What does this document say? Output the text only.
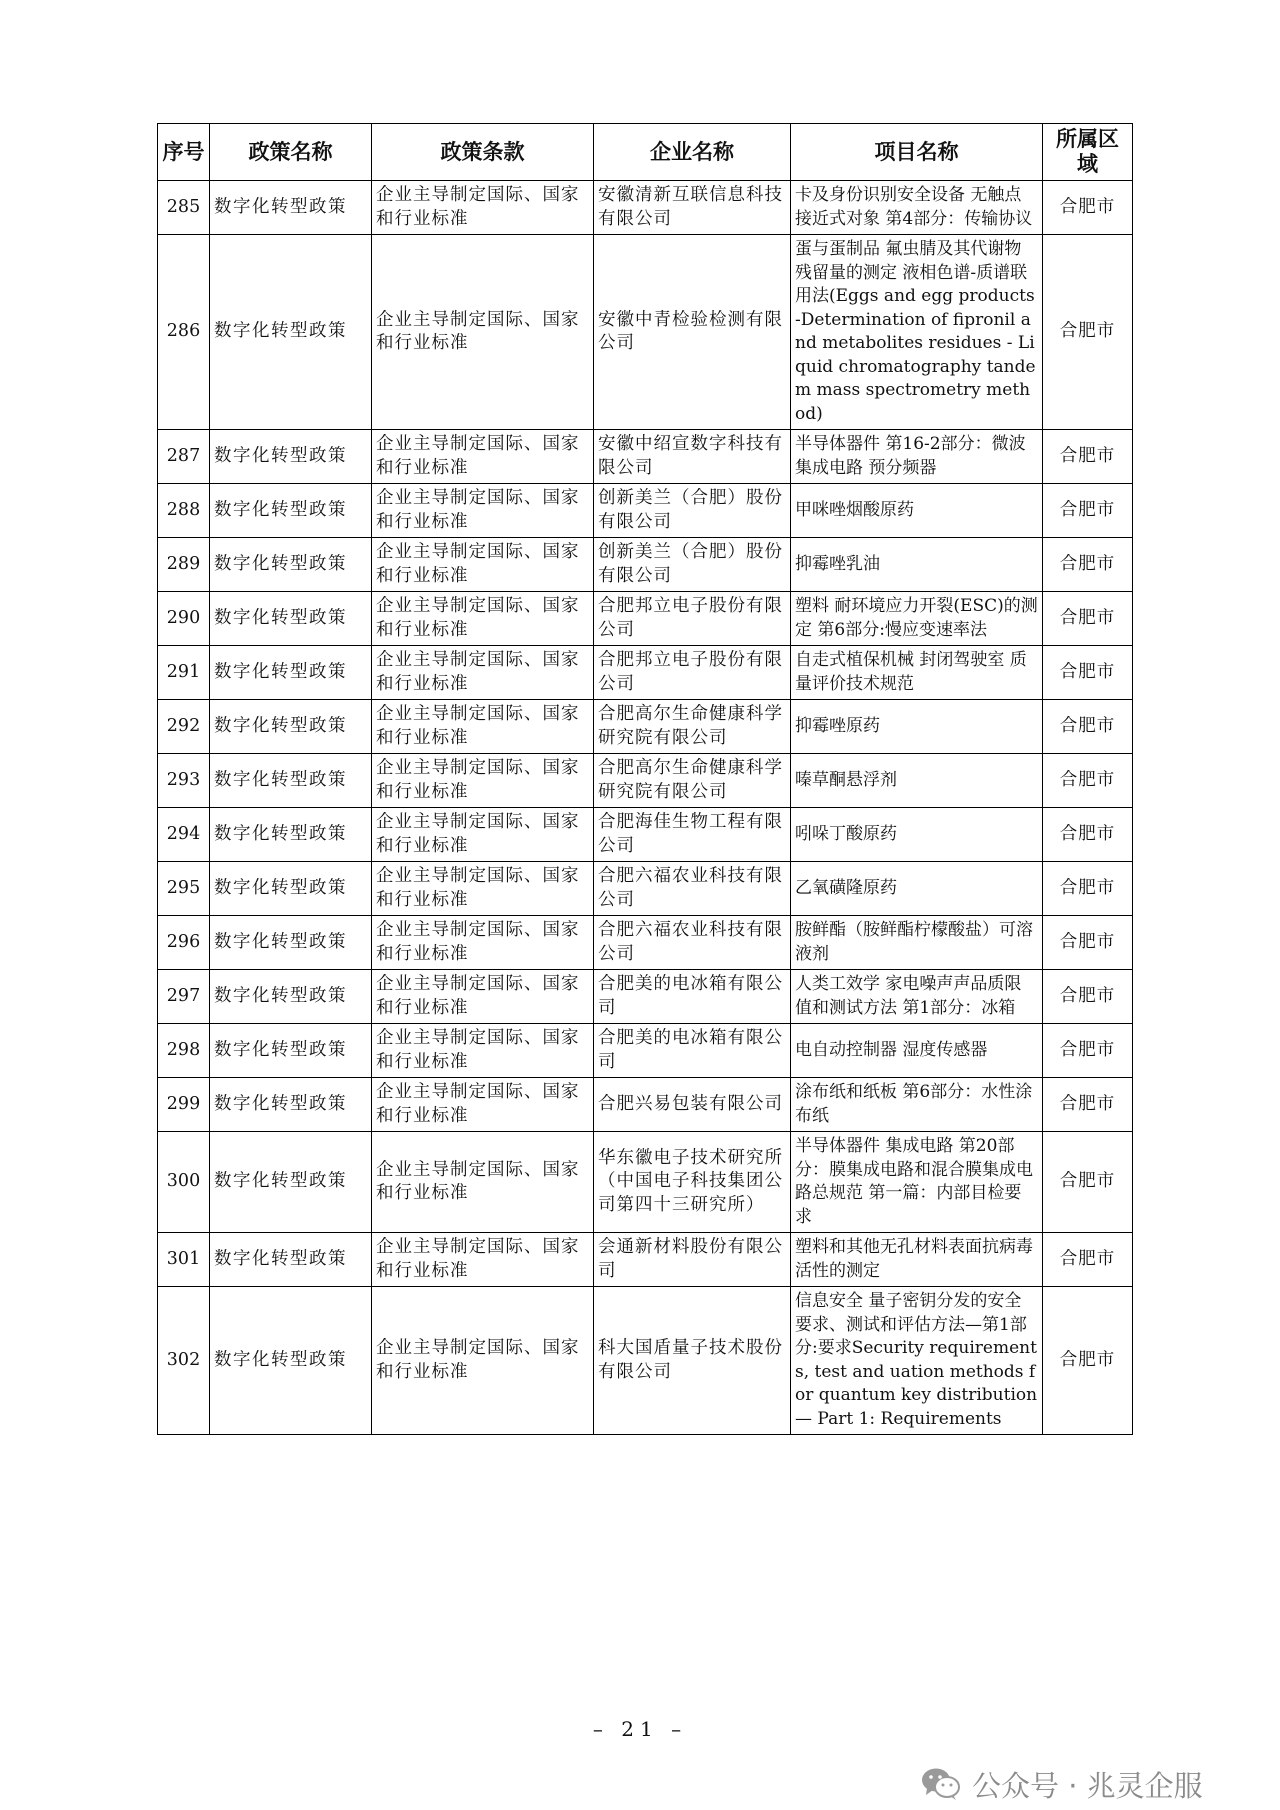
序号	政策名称	政策条款	企业名称	项目名称	所属区域
285	数字化转型政策	企业主导制定国际、国家和行业标准	安徽清新互联信息科技有限公司	卡及身份识别安全设备 无触点接近式对象 第4部分：传输协议	合肥市
286	数字化转型政策	企业主导制定国际、国家和行业标准	安徽中青检验检测有限公司	蛋与蛋制品 氟虫腈及其代谢物残留量的测定 液相色谱-质谱联用法(Eggs and egg products -Determination of fipronil and metabolites residues - Liquid chromatography tandem mass spectrometry method)	合肥市
287	数字化转型政策	企业主导制定国际、国家和行业标准	安徽中绍宣数字科技有限公司	半导体器件 第16-2部分：微波集成电路 预分频器	合肥市
288	数字化转型政策	企业主导制定国际、国家和行业标准	创新美兰（合肥）股份有限公司	甲咪唑烟酸原药	合肥市
289	数字化转型政策	企业主导制定国际、国家和行业标准	创新美兰（合肥）股份有限公司	抑霉唑乳油	合肥市
290	数字化转型政策	企业主导制定国际、国家和行业标准	合肥邦立电子股份有限公司	塑料 耐环境应力开裂(ESC)的测定 第6部分:慢应变速率法	合肥市
291	数字化转型政策	企业主导制定国际、国家和行业标准	合肥邦立电子股份有限公司	自走式植保机械 封闭驾驶室 质量评价技术规范	合肥市
292	数字化转型政策	企业主导制定国际、国家和行业标准	合肥高尔生命健康科学研究院有限公司	抑霉唑原药	合肥市
293	数字化转型政策	企业主导制定国际、国家和行业标准	合肥高尔生命健康科学研究院有限公司	嗪草酮悬浮剂	合肥市
294	数字化转型政策	企业主导制定国际、国家和行业标准	合肥海佳生物工程有限公司	吲哚丁酸原药	合肥市
295	数字化转型政策	企业主导制定国际、国家和行业标准	合肥六福农业科技有限公司	乙氧磺隆原药	合肥市
296	数字化转型政策	企业主导制定国际、国家和行业标准	合肥六福农业科技有限公司	胺鲜酯（胺鲜酯柠檬酸盐）可溶液剂	合肥市
297	数字化转型政策	企业主导制定国际、国家和行业标准	合肥美的电冰箱有限公司	人类工效学 家电噪声声品质限值和测试方法 第1部分：冰箱	合肥市
298	数字化转型政策	企业主导制定国际、国家和行业标准	合肥美的电冰箱有限公司	电自动控制器 湿度传感器	合肥市
299	数字化转型政策	企业主导制定国际、国家和行业标准	合肥兴易包装有限公司	涂布纸和纸板 第6部分：水性涂布纸	合肥市
300	数字化转型政策	企业主导制定国际、国家和行业标准	华东徽电子技术研究所（中国电子科技集团公司第四十三研究所）	半导体器件 集成电路 第20部分：膜集成电路和混合膜集成电路总规范 第一篇：内部目检要求	合肥市
301	数字化转型政策	企业主导制定国际、国家和行业标准	会通新材料股份有限公司	塑料和其他无孔材料表面抗病毒活性的测定	合肥市
302	数字化转型政策	企业主导制定国际、国家和行业标准	科大国盾量子技术股份有限公司	信息安全 量子密钥分发的安全要求、测试和评估方法—第1部分:要求Security requirements, test and uation methods for quantum key distribution — Part 1: Requirements	合肥市
– 21 –
公众号 · 兆灵企服
